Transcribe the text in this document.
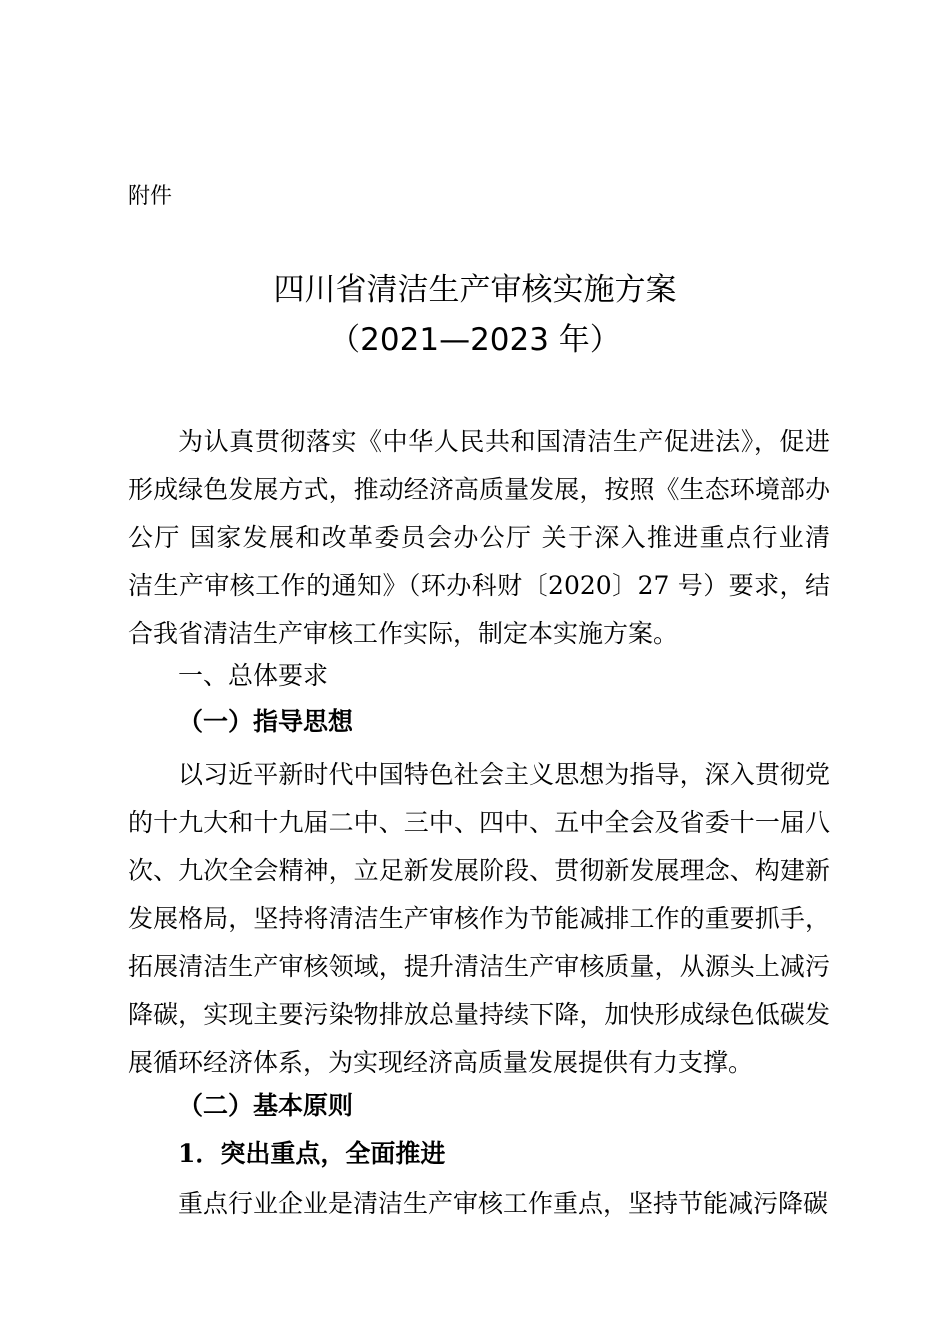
附件
四川省清洁生产审核实施方案
（2021—2023 年）
为认真贯彻落实《中华人民共和国清洁生产促进法》，促进
形成绿色发展方式，推动经济高质量发展，按照《生态环境部办
公厅 国家发展和改革委员会办公厅 关于深入推进重点行业清
洁生产审核工作的通知》（环办科财〔2020〕27 号）要求，结
合我省清洁生产审核工作实际，制定本实施方案。
一、总体要求
（一）指导思想
以习近平新时代中国特色社会主义思想为指导，深入贯彻党
的十九大和十九届二中、三中、四中、五中全会及省委十一届八
次、九次全会精神，立足新发展阶段、贯彻新发展理念、构建新
发展格局，坚持将清洁生产审核作为节能减排工作的重要抓手，
拓展清洁生产审核领域，提升清洁生产审核质量，从源头上减污
降碳，实现主要污染物排放总量持续下降，加快形成绿色低碳发
展循环经济体系，为实现经济高质量发展提供有力支撑。
（二）基本原则
1．突出重点，全面推进
重点行业企业是清洁生产审核工作重点，坚持节能减污降碳
